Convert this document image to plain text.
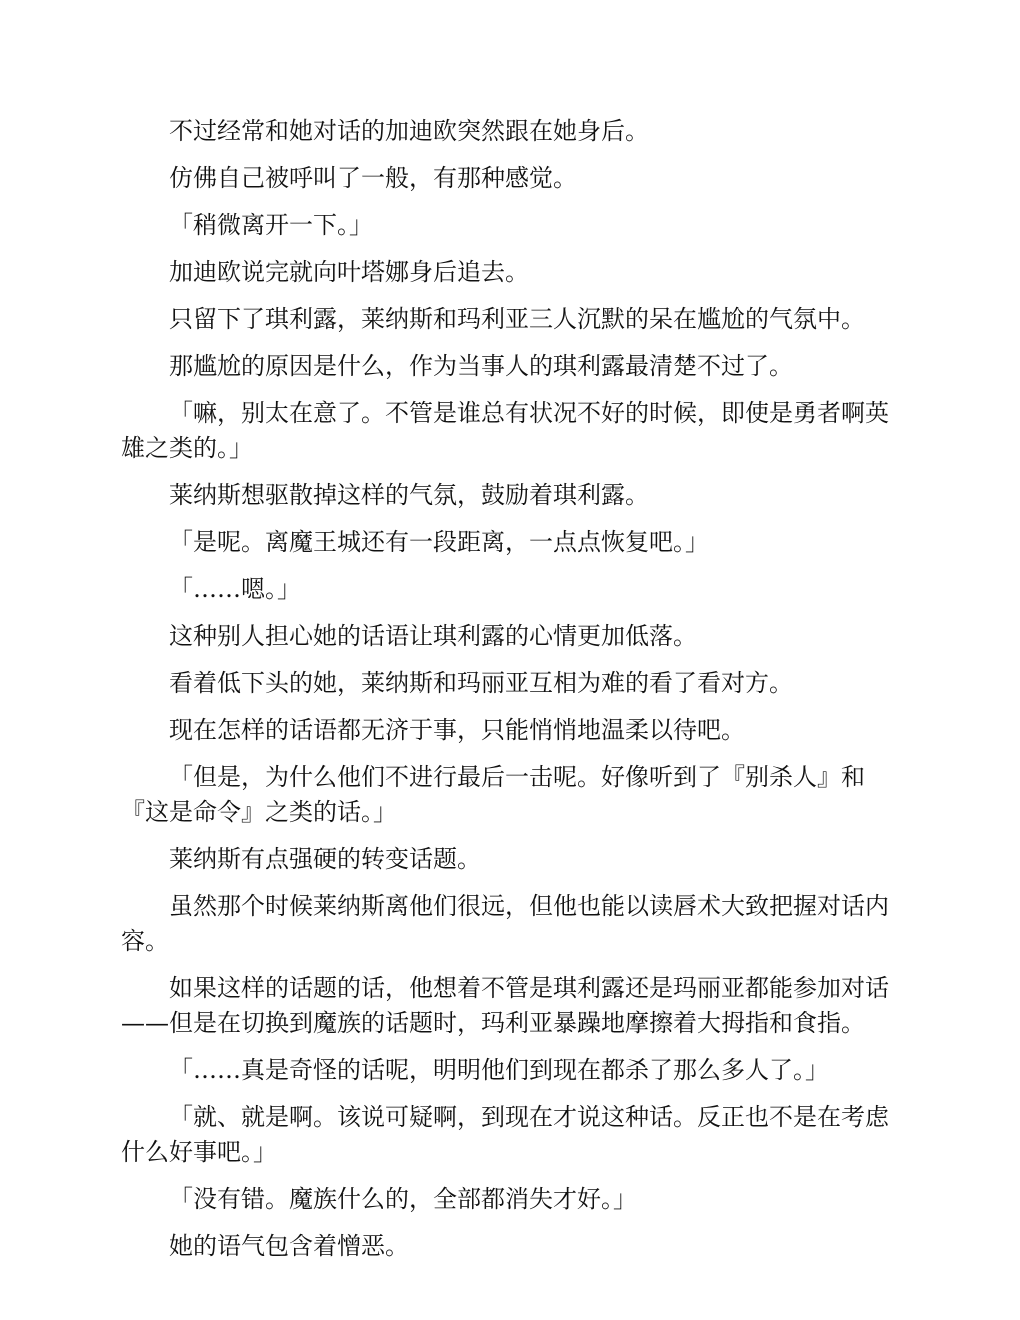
不过经常和她对话的加迪欧突然跟在她身后。

仿佛自己被呼叫了一般，有那种感觉。

「稍微离开一下。」

加迪欧说完就向叶塔娜身后追去。

只留下了琪利露，莱纳斯和玛利亚三人沉默的呆在尴尬的气氛中。

那尴尬的原因是什么，作为当事人的琪利露最清楚不过了。

「嘛，别太在意了。不管是谁总有状况不好的时候，即使是勇者啊英雄之类的。」

莱纳斯想驱散掉这样的气氛，鼓励着琪利露。

「是呢。离魔王城还有一段距离，一点点恢复吧。」

「……嗯。」

这种别人担心她的话语让琪利露的心情更加低落。

看着低下头的她，莱纳斯和玛丽亚互相为难的看了看对方。

现在怎样的话语都无济于事，只能悄悄地温柔以待吧。

「但是，为什么他们不进行最后一击呢。好像听到了『别杀人』和『这是命令』之类的话。」

莱纳斯有点强硬的转变话题。

虽然那个时候莱纳斯离他们很远，但他也能以读唇术大致把握对话内容。

如果这样的话题的话，他想着不管是琪利露还是玛丽亚都能参加对话——但是在切换到魔族的话题时，玛利亚暴躁地摩擦着大拇指和食指。

「……真是奇怪的话呢，明明他们到现在都杀了那么多人了。」

「就、就是啊。该说可疑啊，到现在才说这种话。反正也不是在考虑什么好事吧。」

「没有错。魔族什么的，全部都消失才好。」

她的语气包含着憎恶。
